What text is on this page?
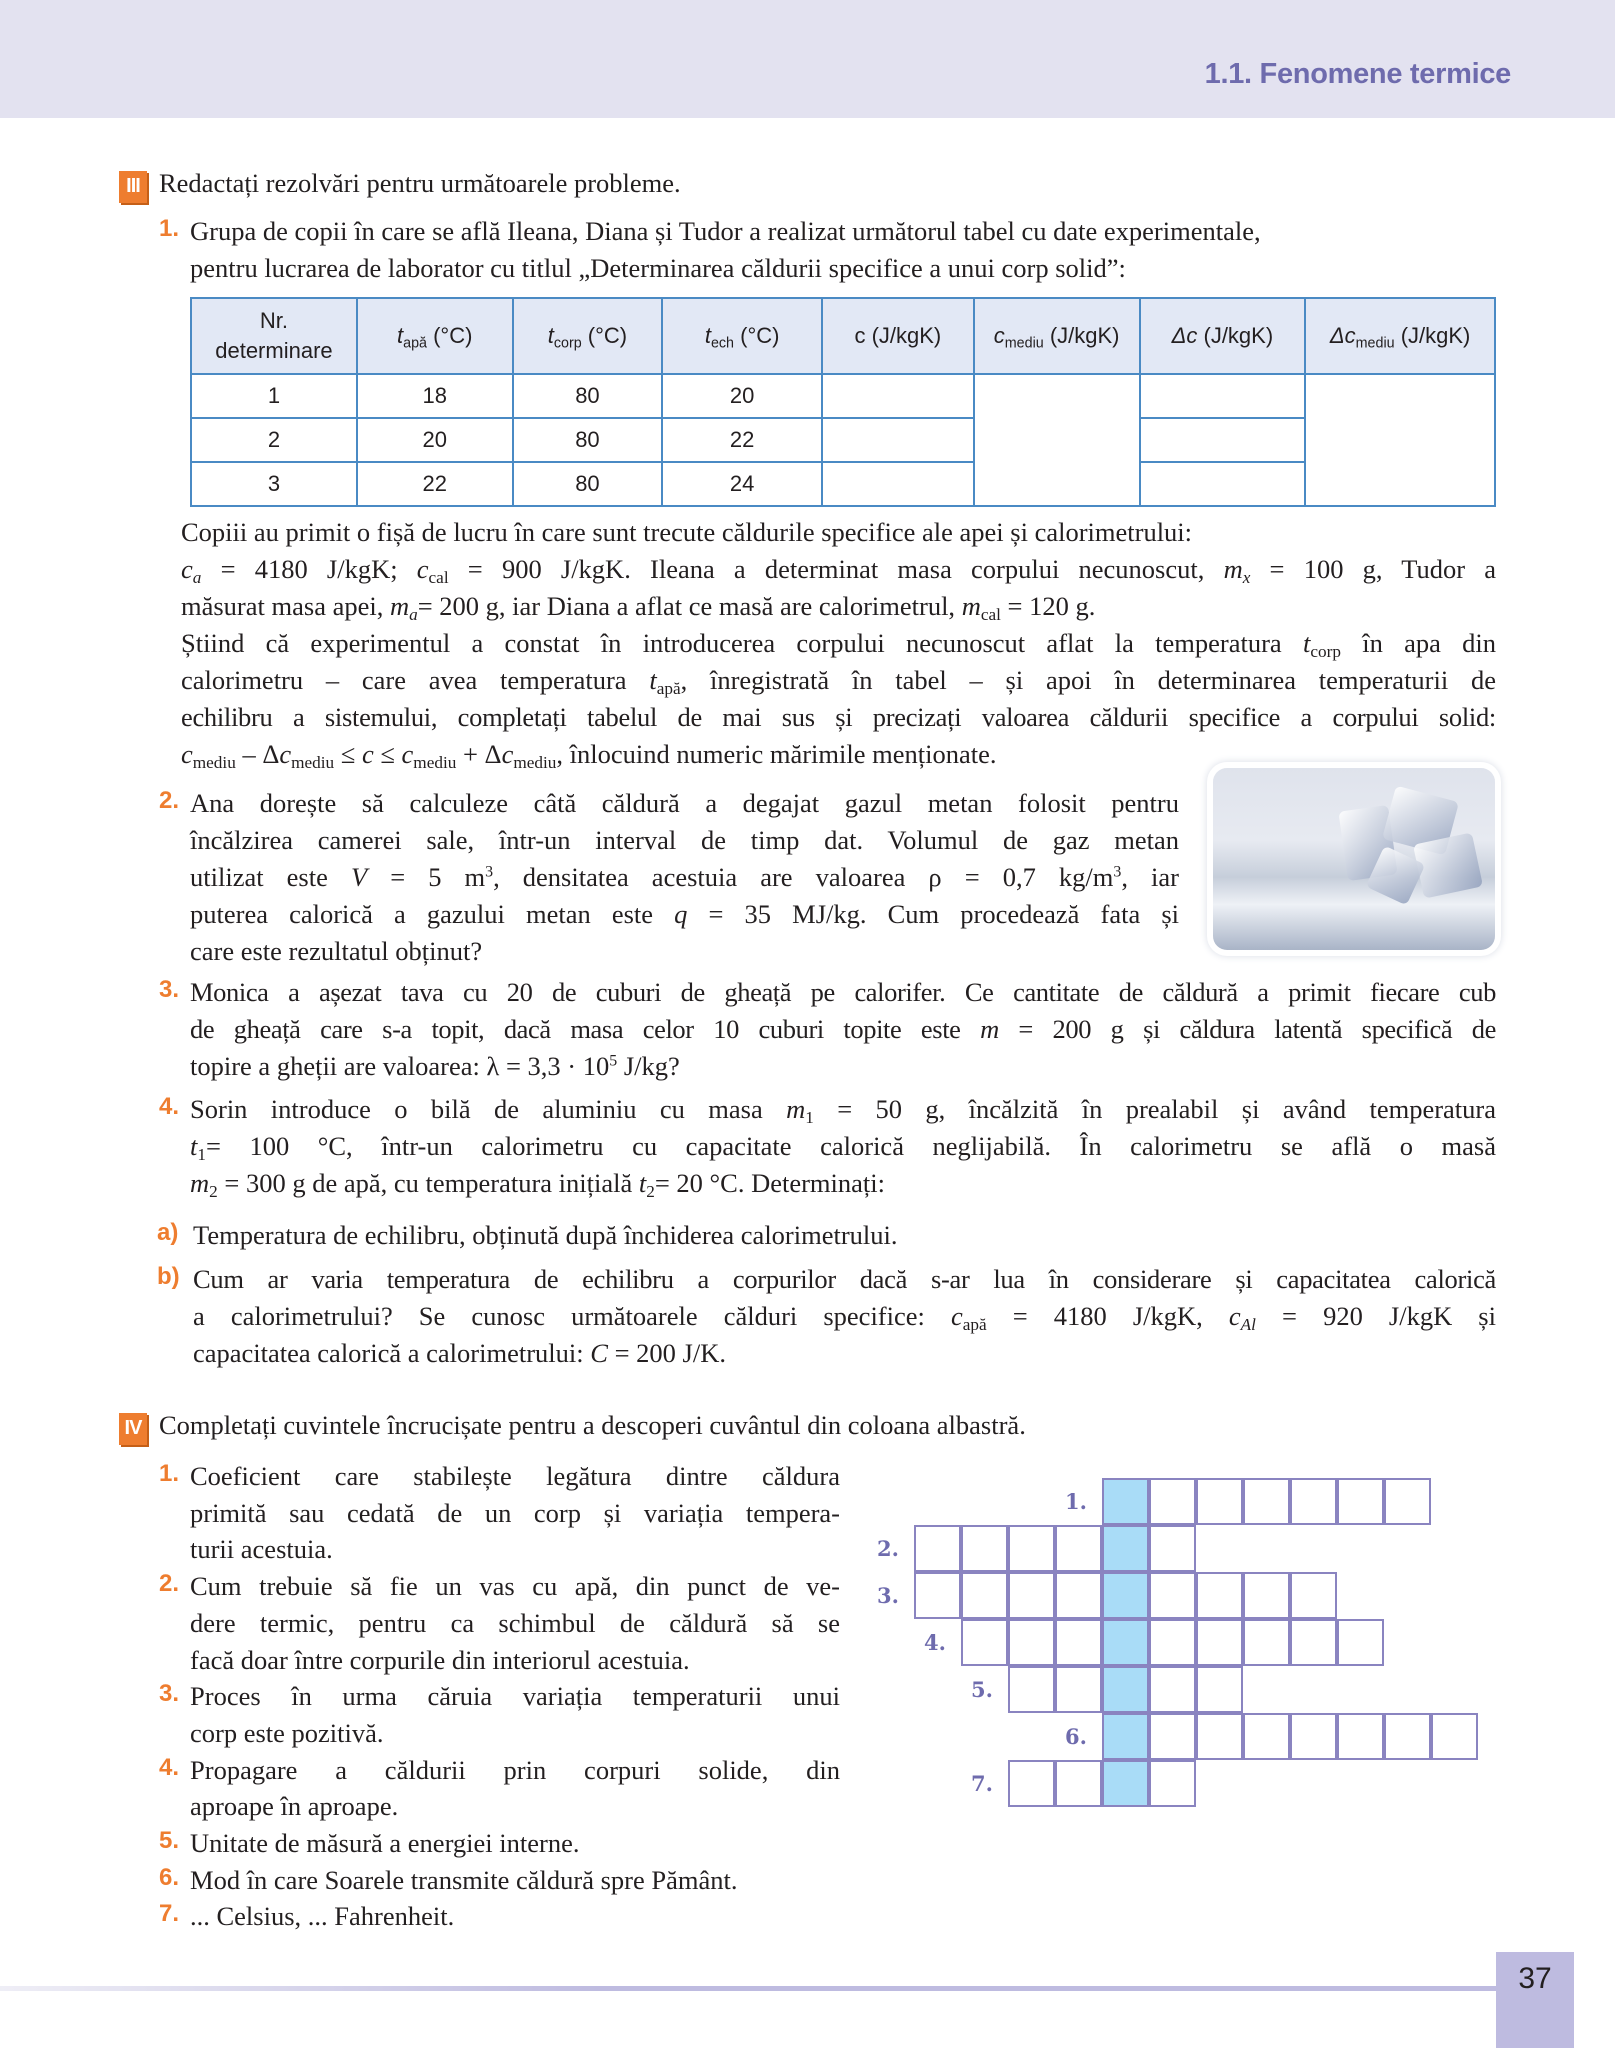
1.1. Fenomene termice
III Redactați rezolvări pentru următoarele probleme.
1. Grupa de copii în care se află Ileana, Diana și Tudor a realizat următorul tabel cu date experimentale,
pentru lucrarea de laborator cu titlul „Determinarea căldurii specifice a unui corp solid”:
Nr.
determinare	$t_{apă}$ (°C)	$t_{corp}$ (°C)	$t_{ech}$ (°C)	c (J/kgK)	$c_{mediu}$ (J/kgK)	Δc (J/kgK)	$\Delta c_{mediu}$ (J/kgK)
1	18	80	20				
2	20	80	22				
3	22	80	24				
Copiii au primit o fișă de lucru în care sunt trecute căldurile specifice ale apei și calorimetrului:
$c_a = 4180$ J/kgK; $c_{cal} = 900$ J/kgK. Ileana a determinat masa corpului necunoscut, $m_x = 100$ g, Tudor a
măsurat masa apei, $m_a= 200$ g, iar Diana a aflat ce masă are calorimetrul, $m_{cal} = 120$ g.
Știind că experimentul a constat în introducerea corpului necunoscut aflat la temperatura $t_{corp}$ în apa din
calorimetru – care avea temperatura $t_{apă}$, înregistrată în tabel – și apoi în determinarea temperaturii de
echilibru a sistemului, completați tabelul de mai sus și precizați valoarea căldurii specifice a corpului solid:
$c_{mediu} - \Delta c_{mediu} \le c \le c_{mediu} + \Delta c_{mediu}$, înlocuind numeric mărimile menționate.
2. Ana dorește să calculeze câtă căldură a degajat gazul metan folosit pentru
încălzirea camerei sale, într-un interval de timp dat. Volumul de gaz metan
utilizat este V = 5 $m^3$, densitatea acestuia are valoarea ρ = 0,7 $kg/m^3$, iar
puterea calorică a gazului metan este q = 35 MJ/kg. Cum procedează fata și
care este rezultatul obținut?
3. Monica a așezat tava cu 20 de cuburi de gheață pe calorifer. Ce cantitate de căldură a primit fiecare cub
de gheață care s-a topit, dacă masa celor 10 cuburi topite este m = 200 g și căldura latentă specifică de
topire a gheții are valoarea: $\lambda = 3,3 \cdot 10^5$ J/kg?
4. Sorin introduce o bilă de aluminiu cu masa $m_1 = 50$ g, încălzită în prealabil și având temperatura
$t_1= 100$ °C, într-un calorimetru cu capacitate calorică neglijabilă. În calorimetru se află o masă
$m_2 = 300$ g de apă, cu temperatura inițială $t_2= 20$ °C. Determinați:
a) Temperatura de echilibru, obținută după închiderea calorimetrului.
b) Cum ar varia temperatura de echilibru a corpurilor dacă s-ar lua în considerare și capacitatea calorică
a calorimetrului? Se cunosc următoarele călduri specifice: $c_{apă} = 4180$ J/kgK, $c_{Al} = 920$ J/kgK și
capacitatea calorică a calorimetrului: C = 200 J/K.
IV Completați cuvintele încrucișate pentru a descoperi cuvântul din coloana albastră.
1. Coeficient care stabilește legătura dintre căldura
primită sau cedată de un corp și variația tempera-
turii acestuia.
2. Cum trebuie să fie un vas cu apă, din punct de ve-
dere termic, pentru ca schimbul de căldură să se
facă doar între corpurile din interiorul acestuia.
3. Proces în urma căruia variația temperaturii unui
corp este pozitivă.
4. Propagare a căldurii prin corpuri solide, din
aproape în aproape.
5. Unitate de măsură a energiei interne.
6. Mod în care Soarele transmite căldură spre Pământ.
7. ... Celsius, ... Fahrenheit.
1.
2.
3.
4.
5.
6.
7.
37
